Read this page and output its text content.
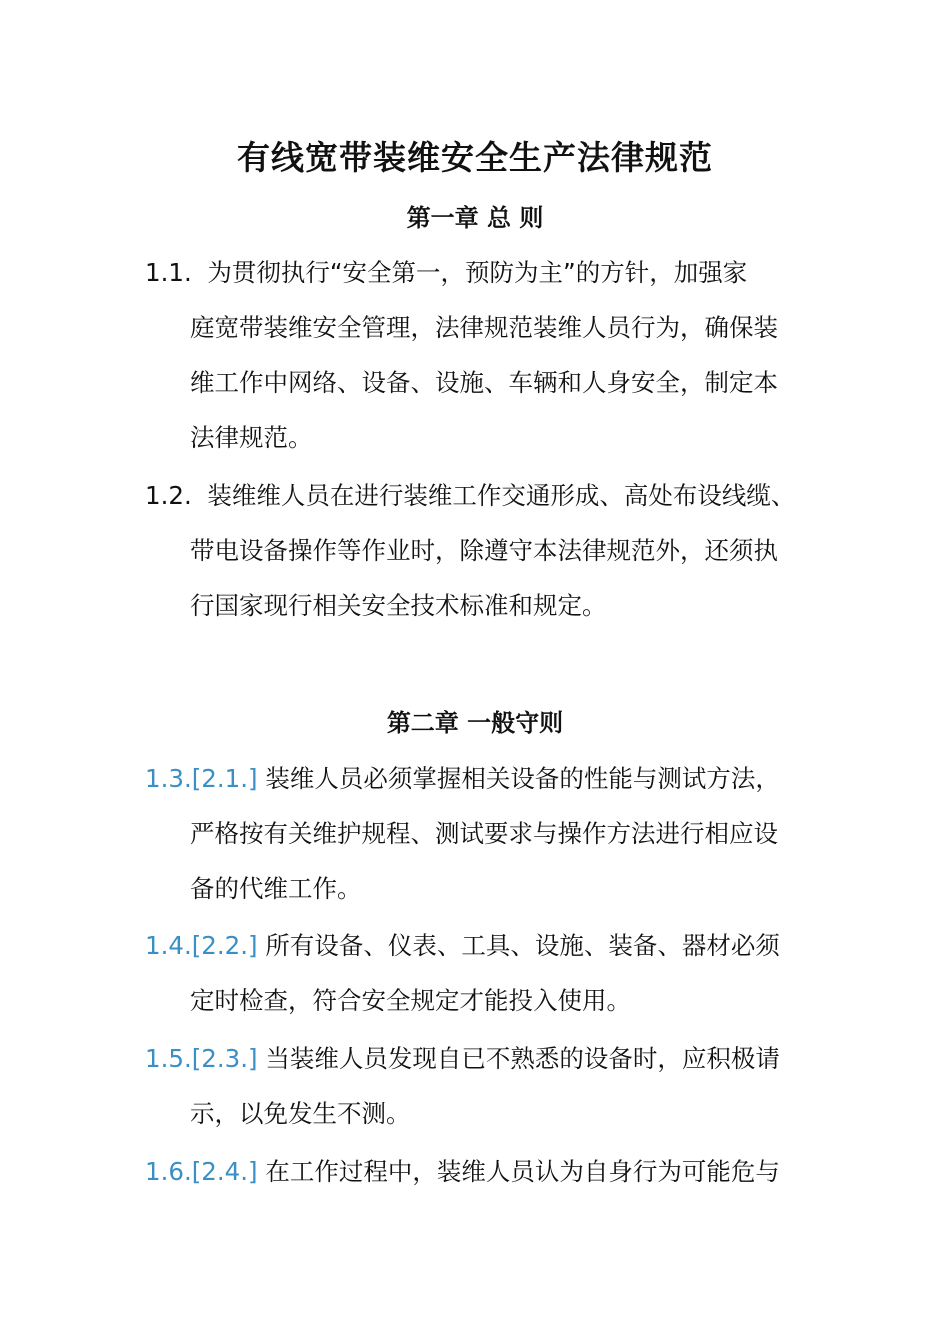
有线宽带装维安全生产法律规范
第一章 总 则
1.1. 为贯彻执行“安全第一，预防为主”的方针，加强家
庭宽带装维安全管理，法律规范装维人员行为，确保装
维工作中网络、设备、设施、车辆和人身安全，制定本
法律规范。
1.2. 装维维人员在进行装维工作交通形成、高处布设线缆、
带电设备操作等作业时，除遵守本法律规范外，还须执
行国家现行相关安全技术标准和规定。
第二章 一般守则
1.3.[2.1.] 装维人员必须掌握相关设备的性能与测试方法，
严格按有关维护规程、测试要求与操作方法进行相应设
备的代维工作。
1.4.[2.2.] 所有设备、仪表、工具、设施、装备、器材必须
定时检查，符合安全规定才能投入使用。
1.5.[2.3.] 当装维人员发现自已不熟悉的设备时，应积极请
示，以免发生不测。
1.6.[2.4.] 在工作过程中，装维人员认为自身行为可能危与
